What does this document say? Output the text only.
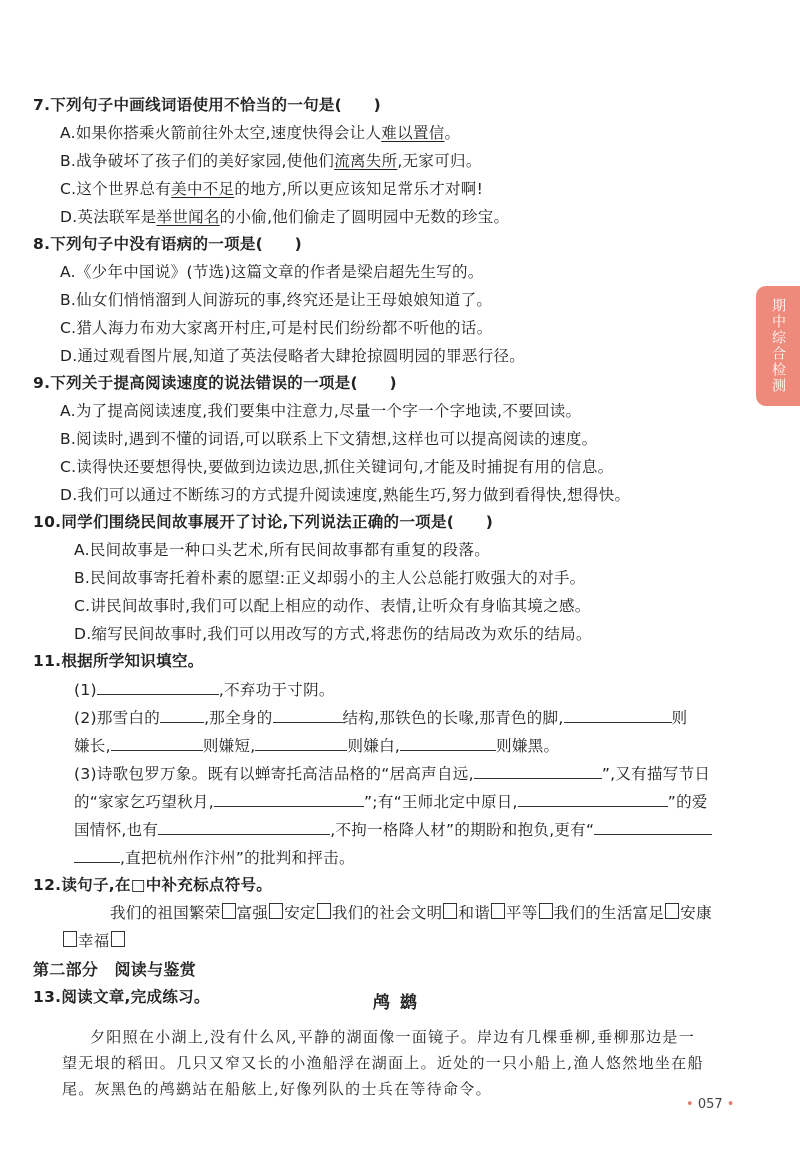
7.下列句子中画线词语使用不恰当的一句是(　　)
A.如果你搭乘火箭前往外太空,速度快得会让人难以置信。
B.战争破坏了孩子们的美好家园,使他们流离失所,无家可归。
C.这个世界总有美中不足的地方,所以更应该知足常乐才对啊!
D.英法联军是举世闻名的小偷,他们偷走了圆明园中无数的珍宝。
8.下列句子中没有语病的一项是(　　)
A.《少年中国说》(节选)这篇文章的作者是梁启超先生写的。
B.仙女们悄悄溜到人间游玩的事,终究还是让王母娘娘知道了。
C.猎人海力布劝大家离开村庄,可是村民们纷纷都不听他的话。
D.通过观看图片展,知道了英法侵略者大肆抢掠圆明园的罪恶行径。
9.下列关于提高阅读速度的说法错误的一项是(　　)
A.为了提高阅读速度,我们要集中注意力,尽量一个字一个字地读,不要回读。
B.阅读时,遇到不懂的词语,可以联系上下文猜想,这样也可以提高阅读的速度。
C.读得快还要想得快,要做到边读边思,抓住关键词句,才能及时捕捉有用的信息。
D.我们可以通过不断练习的方式提升阅读速度,熟能生巧,努力做到看得快,想得快。
10.同学们围绕民间故事展开了讨论,下列说法正确的一项是(　　)
A.民间故事是一种口头艺术,所有民间故事都有重复的段落。
B.民间故事寄托着朴素的愿望:正义却弱小的主人公总能打败强大的对手。
C.讲民间故事时,我们可以配上相应的动作、表情,让听众有身临其境之感。
D.缩写民间故事时,我们可以用改写的方式,将悲伤的结局改为欢乐的结局。
11.根据所学知识填空。
(1)	,不弃功于寸阴。
(2)那雪白的	,那全身的	结构,那铁色的长喙,那青色的脚,	则
嫌长,	则嫌短,	则嫌白,	则嫌黑。
(3)诗歌包罗万象。既有以蝉寄托高洁品格的“居高声自远,	”,又有描写节日
的“家家乞巧望秋月,	”;有“王师北定中原日,	”的爱
国情怀,也有	,不拘一格降人材”的期盼和抱负,更有“
,直把杭州作汴州”的批判和抨击。
12.读句子,在□中补充标点符号。
我们的祖国繁荣 富强 安定 我们的社会文明 和谐 平等 我们的生活富足 安康
幸福
第二部分　阅读与鉴赏
13.阅读文章,完成练习。	鸬鹚
夕阳照在小湖上,没有什么风,平静的湖面像一面镜子。岸边有几棵垂柳,垂柳那边是一
望无垠的稻田。几只又窄又长的小渔船浮在湖面上。近处的一只小船上,渔人悠然地坐在船
尾。灰黑色的鸬鹚站在船舷上,好像列队的士兵在等待命令。
期中综合检测
• 057 •
